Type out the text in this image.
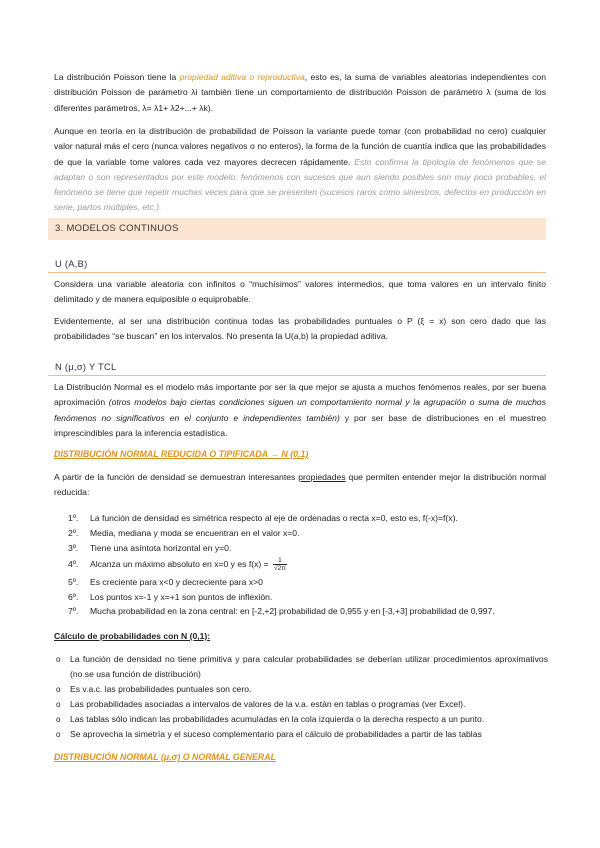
La distribución Poisson tiene la propiedad aditiva o reproductiva, esto es, la suma de variables aleatorias independientes con distribución Poisson de parámetro λi también tiene un comportamiento de distribución Poisson de parámetro λ (suma de los diferentes parámetros, λ= λ1+ λ2+...+ λk).

Aunque en teoría en la distribución de probabilidad de Poisson la variante puede tomar (con probabilidad no cero) cualquier valor natural más el cero (nunca valores negativos o no enteros), la forma de la función de cuantía indica que las probabilidades de que la variable tome valores cada vez mayores decrecen rápidamente. Esto confirma la tipología de fenómenos que se adaptan o son representados por este modelo: fenómenos con sucesos que aun siendo posibles son muy poco probables, el fenómeno se tiene que repetir muchas veces para que se presenten (sucesos raros como siniestros, defectos en producción en serie, partos múltiples, etc.).

3. MODELOS CONTINUOS
U (A,B)

Considera una variable aleatoria con infinitos o “muchísimos” valores intermedios, que toma valores en un intervalo finito delimitado y de manera equiposible o equiprobable.

Evidentemente, al ser una distribución continua todas las probabilidades puntuales o P (ξ = x) son cero dado que las probabilidades “se buscan” en los intervalos. No presenta la U(a,b) la propiedad aditiva.

N (μ,σ) Y TCL

La Distribución Normal es el modelo más importante por ser la que mejor se ajusta a muchos fenómenos reales, por ser buena aproximación (otros modelos bajo ciertas condiciones siguen un comportamiento normal y la agrupación o suma de muchos fenómenos no significativos en el conjunto e independientes también) y por ser base de distribuciones en el muestreo imprescindibles para la inferencia estadística.

DISTRIBUCIÓN NORMAL REDUCIDA O TIPIFICADA → N (0,1)

A partir de la función de densidad se demuestran interesantes propiedades que permiten entender mejor la distribución normal reducida:

1º. La función de densidad es simétrica respecto al eje de ordenadas o recta x=0, esto es, f(-x)=f(x).
2º. Media, mediana y moda se encuentran en el valor x=0.
3º. Tiene una asíntota horizontal en y=0.
4º. Alcanza un máximo absoluto en x=0 y es $f(x) = \frac{1}{√2\pi}$
5º. Es creciente para x<0 y decreciente para x>0
6º. Los puntos x=-1 y x=+1 son puntos de inflexión.
7º. Mucha probabilidad en la zona central: en [-2,+2] probabilidad de 0,955 y en [-3,+3] probabilidad de 0,997.
Cálculo de probabilidades con N (0,1):
o La función de densidad no tiene primitiva y para calcular probabilidades se deberían utilizar procedimientos aproximativos (no se usa función de distribución)
o Es v.a.c. las probabilidades puntuales son cero.
o Las probabilidades asociadas a intervalos de valores de la v.a. están en tablas o programas (ver Excel).
o Las tablas sólo indican las probabilidades acumuladas en la cola izquierda o la derecha respecto a un punto.
o Se aprovecha la simetría y el suceso complementario para el cálculo de probabilidades a partir de las tablas
DISTRIBUCIÓN NORMAL (μ,σ) O NORMAL GENERAL
